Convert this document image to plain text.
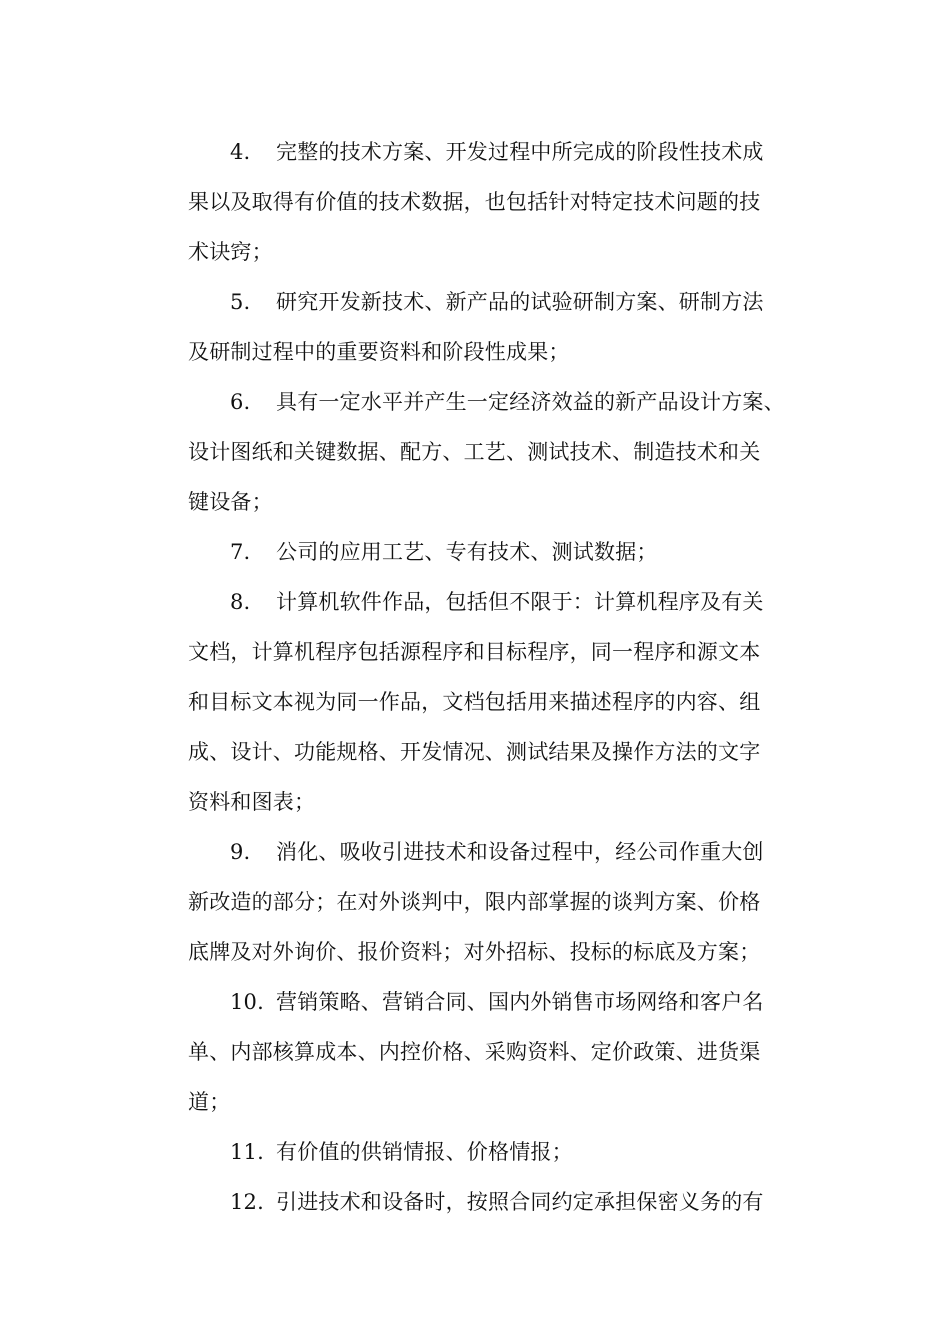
4. 完整的技术方案、开发过程中所完成的阶段性技术成
果以及取得有价值的技术数据，也包括针对特定技术问题的技
术诀窍；
5. 研究开发新技术、新产品的试验研制方案、研制方法
及研制过程中的重要资料和阶段性成果；
6. 具有一定水平并产生一定经济效益的新产品设计方案、
设计图纸和关键数据、配方、工艺、测试技术、制造技术和关
键设备；
7. 公司的应用工艺、专有技术、测试数据；
8. 计算机软件作品，包括但不限于：计算机程序及有关
文档，计算机程序包括源程序和目标程序，同一程序和源文本
和目标文本视为同一作品，文档包括用来描述程序的内容、组
成、设计、功能规格、开发情况、测试结果及操作方法的文字
资料和图表；
9. 消化、吸收引进技术和设备过程中，经公司作重大创
新改造的部分；在对外谈判中，限内部掌握的谈判方案、价格
底牌及对外询价、报价资料；对外招标、投标的标底及方案；
10. 营销策略、营销合同、国内外销售市场网络和客户名
单、内部核算成本、内控价格、采购资料、定价政策、进货渠
道；
11. 有价值的供销情报、价格情报；
12. 引进技术和设备时，按照合同约定承担保密义务的有
